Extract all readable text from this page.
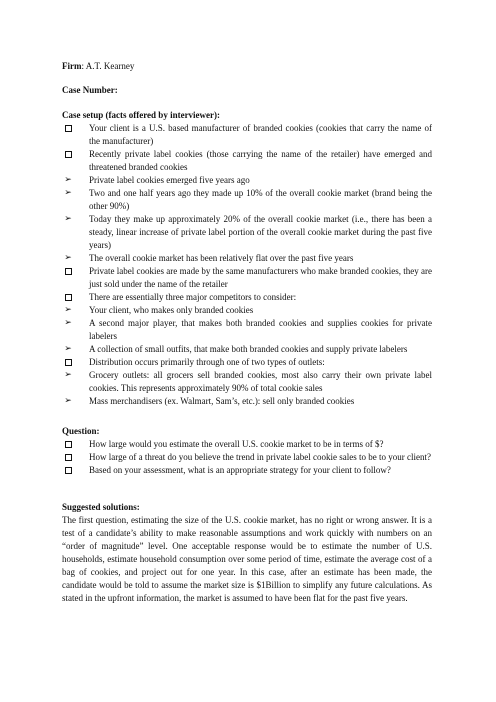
Firm: A.T. Kearney
Case Number:
Case setup (facts offered by interviewer):
Your client is a U.S. based manufacturer of branded cookies (cookies that carry the name of the manufacturer)
Recently private label cookies (those carrying the name of the retailer) have emerged and threatened branded cookies
➢ Private label cookies emerged five years ago
➢ Two and one half years ago they made up 10% of the overall cookie market (brand being the other 90%)
➢ Today they make up approximately 20% of the overall cookie market (i.e., there has been a steady, linear increase of private label portion of the overall cookie market during the past five years)
➢ The overall cookie market has been relatively flat over the past five years
Private label cookies are made by the same manufacturers who make branded cookies, they are just sold under the name of the retailer
There are essentially three major competitors to consider:
➢ Your client, who makes only branded cookies
➢ A second major player, that makes both branded cookies and supplies cookies for private labelers
➢ A collection of small outfits, that make both branded cookies and supply private labelers
Distribution occurs primarily through one of two types of outlets:
➢ Grocery outlets: all grocers sell branded cookies, most also carry their own private label cookies. This represents approximately 90% of total cookie sales
➢ Mass merchandisers (ex. Walmart, Sam’s, etc.): sell only branded cookies
Question:
How large would you estimate the overall U.S. cookie market to be in terms of $?
How large of a threat do you believe the trend in private label cookie sales to be to your client?
Based on your assessment, what is an appropriate strategy for your client to follow?
Suggested solutions:
The first question, estimating the size of the U.S. cookie market, has no right or wrong answer. It is a test of a candidate’s ability to make reasonable assumptions and work quickly with numbers on an “order of magnitude” level. One acceptable response would be to estimate the number of U.S. households, estimate household consumption over some period of time, estimate the average cost of a bag of cookies, and project out for one year. In this case, after an estimate has been made, the candidate would be told to assume the market size is $1Billion to simplify any future calculations. As stated in the upfront information, the market is assumed to have been flat for the past five years.
